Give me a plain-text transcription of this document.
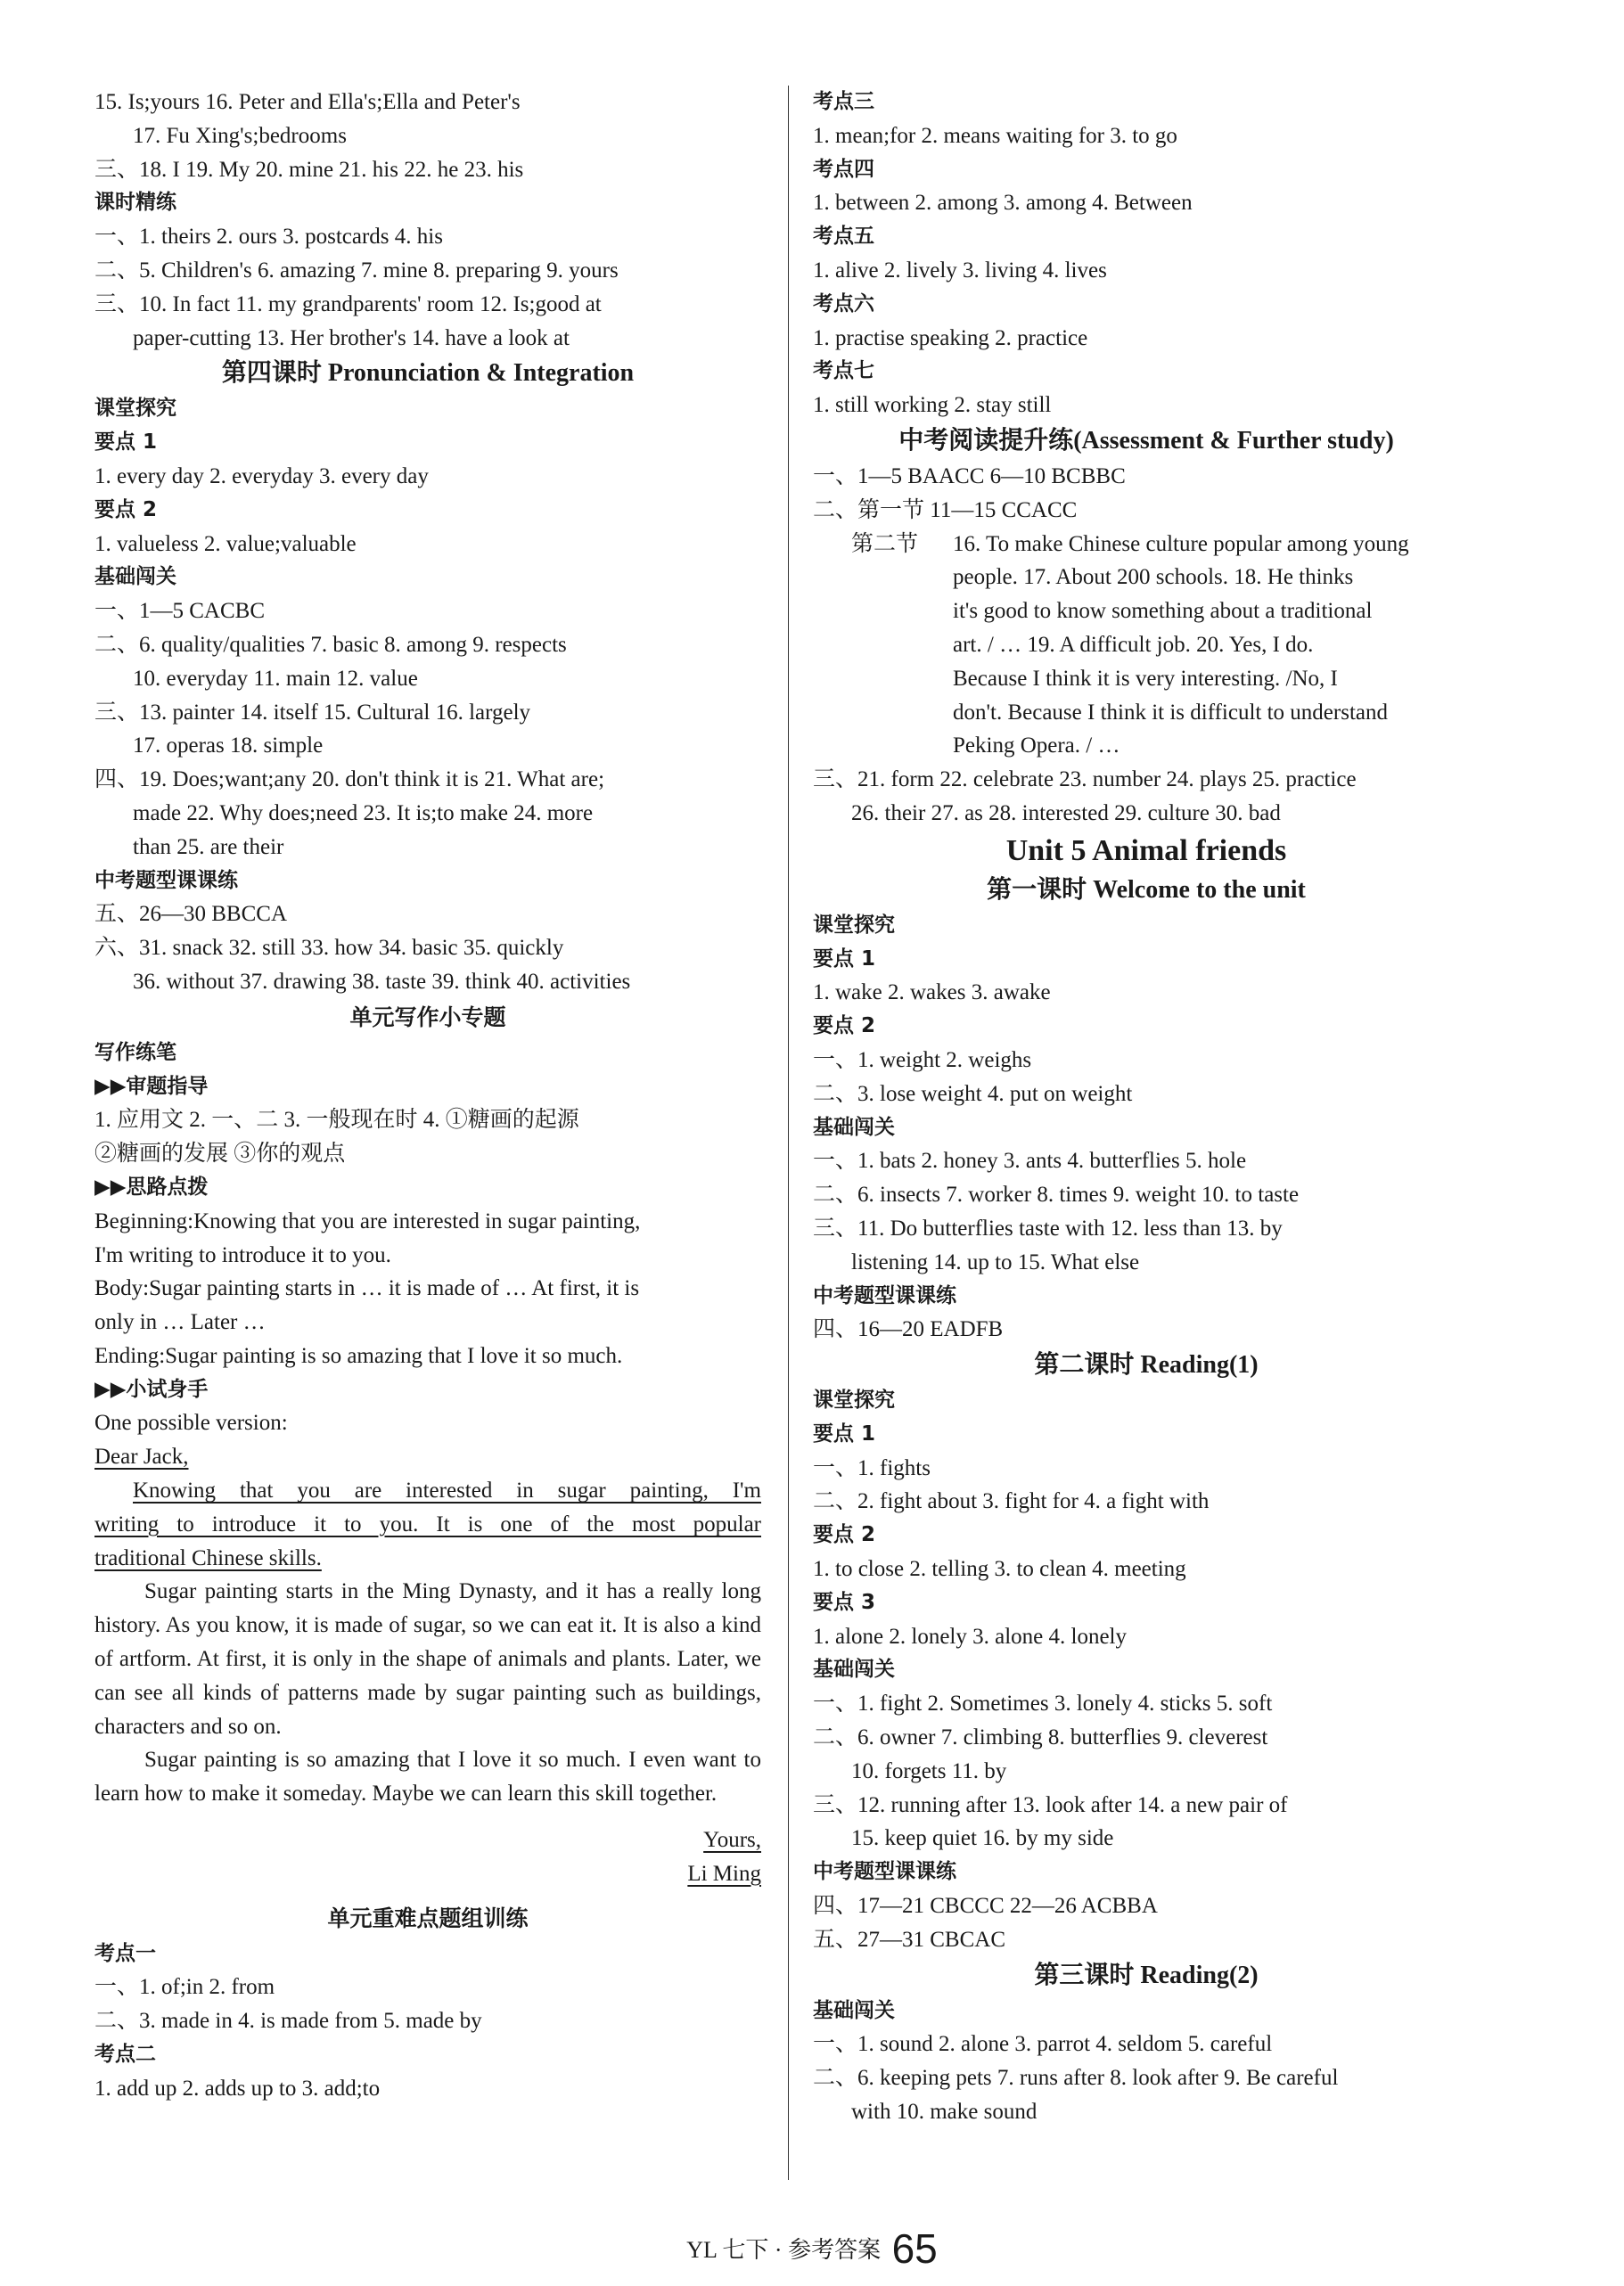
15. Is;yours 16. Peter and Ella's;Ella and Peter's
17. Fu Xing's;bedrooms
三、18. I 19. My 20. mine 21. his 22. he 23. his
课时精练
一、1. theirs 2. ours 3. postcards 4. his
二、5. Children's 6. amazing 7. mine 8. preparing 9. yours
三、10. In fact 11. my grandparents' room 12. Is;good at
paper-cutting 13. Her brother's 14. have a look at
第四课时 Pronunciation & Integration
课堂探究
要点 1
1. every day 2. everyday 3. every day
要点 2
1. valueless 2. value;valuable
基础闯关
一、1—5 CACBC
二、6. quality/qualities 7. basic 8. among 9. respects
10. everyday 11. main 12. value
三、13. painter 14. itself 15. Cultural 16. largely
17. operas 18. simple
四、19. Does;want;any 20. don't think it is 21. What are;
made 22. Why does;need 23. It is;to make 24. more
than 25. are their
中考题型课课练
五、26—30 BBCCA
六、31. snack 32. still 33. how 34. basic 35. quickly
36. without 37. drawing 38. taste 39. think 40. activities
单元写作小专题
写作练笔
▶▶审题指导
1. 应用文 2. 一、二 3. 一般现在时 4. ①糖画的起源
②糖画的发展 ③你的观点
▶▶思路点拨
Beginning:Knowing that you are interested in sugar painting,
I'm writing to introduce it to you.
Body:Sugar painting starts in … it is made of … At first, it is
only in … Later …
Ending:Sugar painting is so amazing that I love it so much.
▶▶小试身手
One possible version:
Dear Jack,
Knowing that you are interested in sugar painting, I'm
writing to introduce it to you. It is one of the most popular
traditional Chinese skills.
Sugar painting starts in the Ming Dynasty, and it has a really long history. As you know, it is made of sugar, so we can eat it. It is also a kind of artform. At first, it is only in the shape of animals and plants. Later, we can see all kinds of patterns made by sugar painting such as buildings, characters and so on.
Sugar painting is so amazing that I love it so much. I even want to learn how to make it someday. Maybe we can learn this skill together.
Yours,
Li Ming
单元重难点题组训练
考点一
一、1. of;in 2. from
二、3. made in 4. is made from 5. made by
考点二
1. add up 2. adds up to 3. add;to
考点三
1. mean;for 2. means waiting for 3. to go
考点四
1. between 2. among 3. among 4. Between
考点五
1. alive 2. lively 3. living 4. lives
考点六
1. practise speaking 2. practice
考点七
1. still working 2. stay still
中考阅读提升练(Assessment & Further study)
一、1—5 BAACC 6—10 BCBBC
二、第一节 11—15 CCACC
第二节 16. To make Chinese culture popular among young
people. 17. About 200 schools. 18. He thinks
it's good to know something about a traditional
art. / … 19. A difficult job. 20. Yes, I do.
Because I think it is very interesting. /No, I
don't. Because I think it is difficult to understand
Peking Opera. / …
三、21. form 22. celebrate 23. number 24. plays 25. practice
26. their 27. as 28. interested 29. culture 30. bad
Unit 5 Animal friends
第一课时 Welcome to the unit
课堂探究
要点 1
1. wake 2. wakes 3. awake
要点 2
一、1. weight 2. weighs
二、3. lose weight 4. put on weight
基础闯关
一、1. bats 2. honey 3. ants 4. butterflies 5. hole
二、6. insects 7. worker 8. times 9. weight 10. to taste
三、11. Do butterflies taste with 12. less than 13. by
listening 14. up to 15. What else
中考题型课课练
四、16—20 EADFB
第二课时 Reading(1)
课堂探究
要点 1
一、1. fights
二、2. fight about 3. fight for 4. a fight with
要点 2
1. to close 2. telling 3. to clean 4. meeting
要点 3
1. alone 2. lonely 3. alone 4. lonely
基础闯关
一、1. fight 2. Sometimes 3. lonely 4. sticks 5. soft
二、6. owner 7. climbing 8. butterflies 9. cleverest
10. forgets 11. by
三、12. running after 13. look after 14. a new pair of
15. keep quiet 16. by my side
中考题型课课练
四、17—21 CBCCC 22—26 ACBBA
五、27—31 CBCAC
第三课时 Reading(2)
基础闯关
一、1. sound 2. alone 3. parrot 4. seldom 5. careful
二、6. keeping pets 7. runs after 8. look after 9. Be careful
with 10. make sound
YL 七下 · 参考答案 65
